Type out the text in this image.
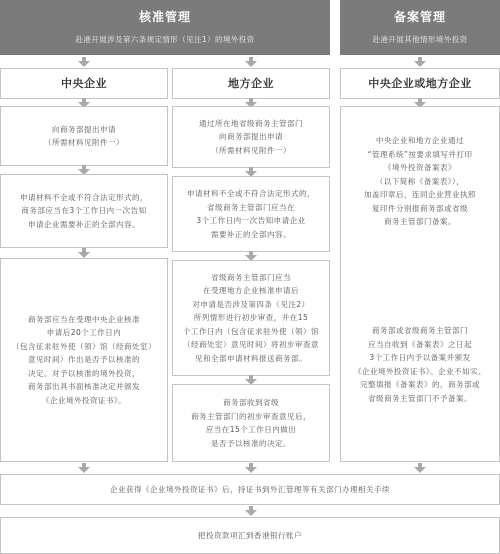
核准管理
赴港开展涉及第六条规定情形（见注1）的境外投资
备案管理
赴港开展其他情形境外投资
中央企业	地方企业	中央企业或地方企业
向商务部提出申请
（所需材料见附件一）
申请材料不全或不符合法定形式的，
商务部应当在3个工作日内一次告知
申请企业需要补正的全部内容。
商务部应当在受理中央企业核准
申请后20个工作日内
（包含征求驻外使（领）馆（经商处室）
意见时间）作出是否予以核准的
决定。对予以核准的境外投资，
商务部出具书面核准决定并颁发
《企业境外投资证书》。
通过所在地省级商务主管部门
向商务部提出申请
（所需材料见附件一）
申请材料不全或不符合法定形式的，
省级商务主管部门应当在
3个工作日内一次告知申请企业
需要补正的全部内容。
省级商务主管部门应当
在受理地方企业核准申请后
对申请是否涉及第四条（见注2）
所列情形进行初步审查，并在15
个工作日内（包含征求驻外使（领）馆
（经商处室）意见时间）将初步审查意
见和全部申请材料报送商务部。
商务部收到省级
商务主管部门的初步审查意见后，
应当在15个工作日内做出
是否予以核准的决定。
中央企业和地方企业通过
“管理系统”按要求填写并打印
《境外投资备案表》
（以下简称《备案表》），
加盖印章后，连同企业营业执照
复印件分别报商务部或省级
商务主管部门备案。
商务部或省级商务主管部门
应当自收到《备案表》之日起
3个工作日内予以备案并颁发
《企业境外投资证书》。企业不如实、
完整填报《备案表》的，商务部或
省级商务主管部门不予备案。
企业获得《企业境外投资证书》后，持证书到外汇管理等有关部门办理相关手续
把投资款项汇到香港银行账户
